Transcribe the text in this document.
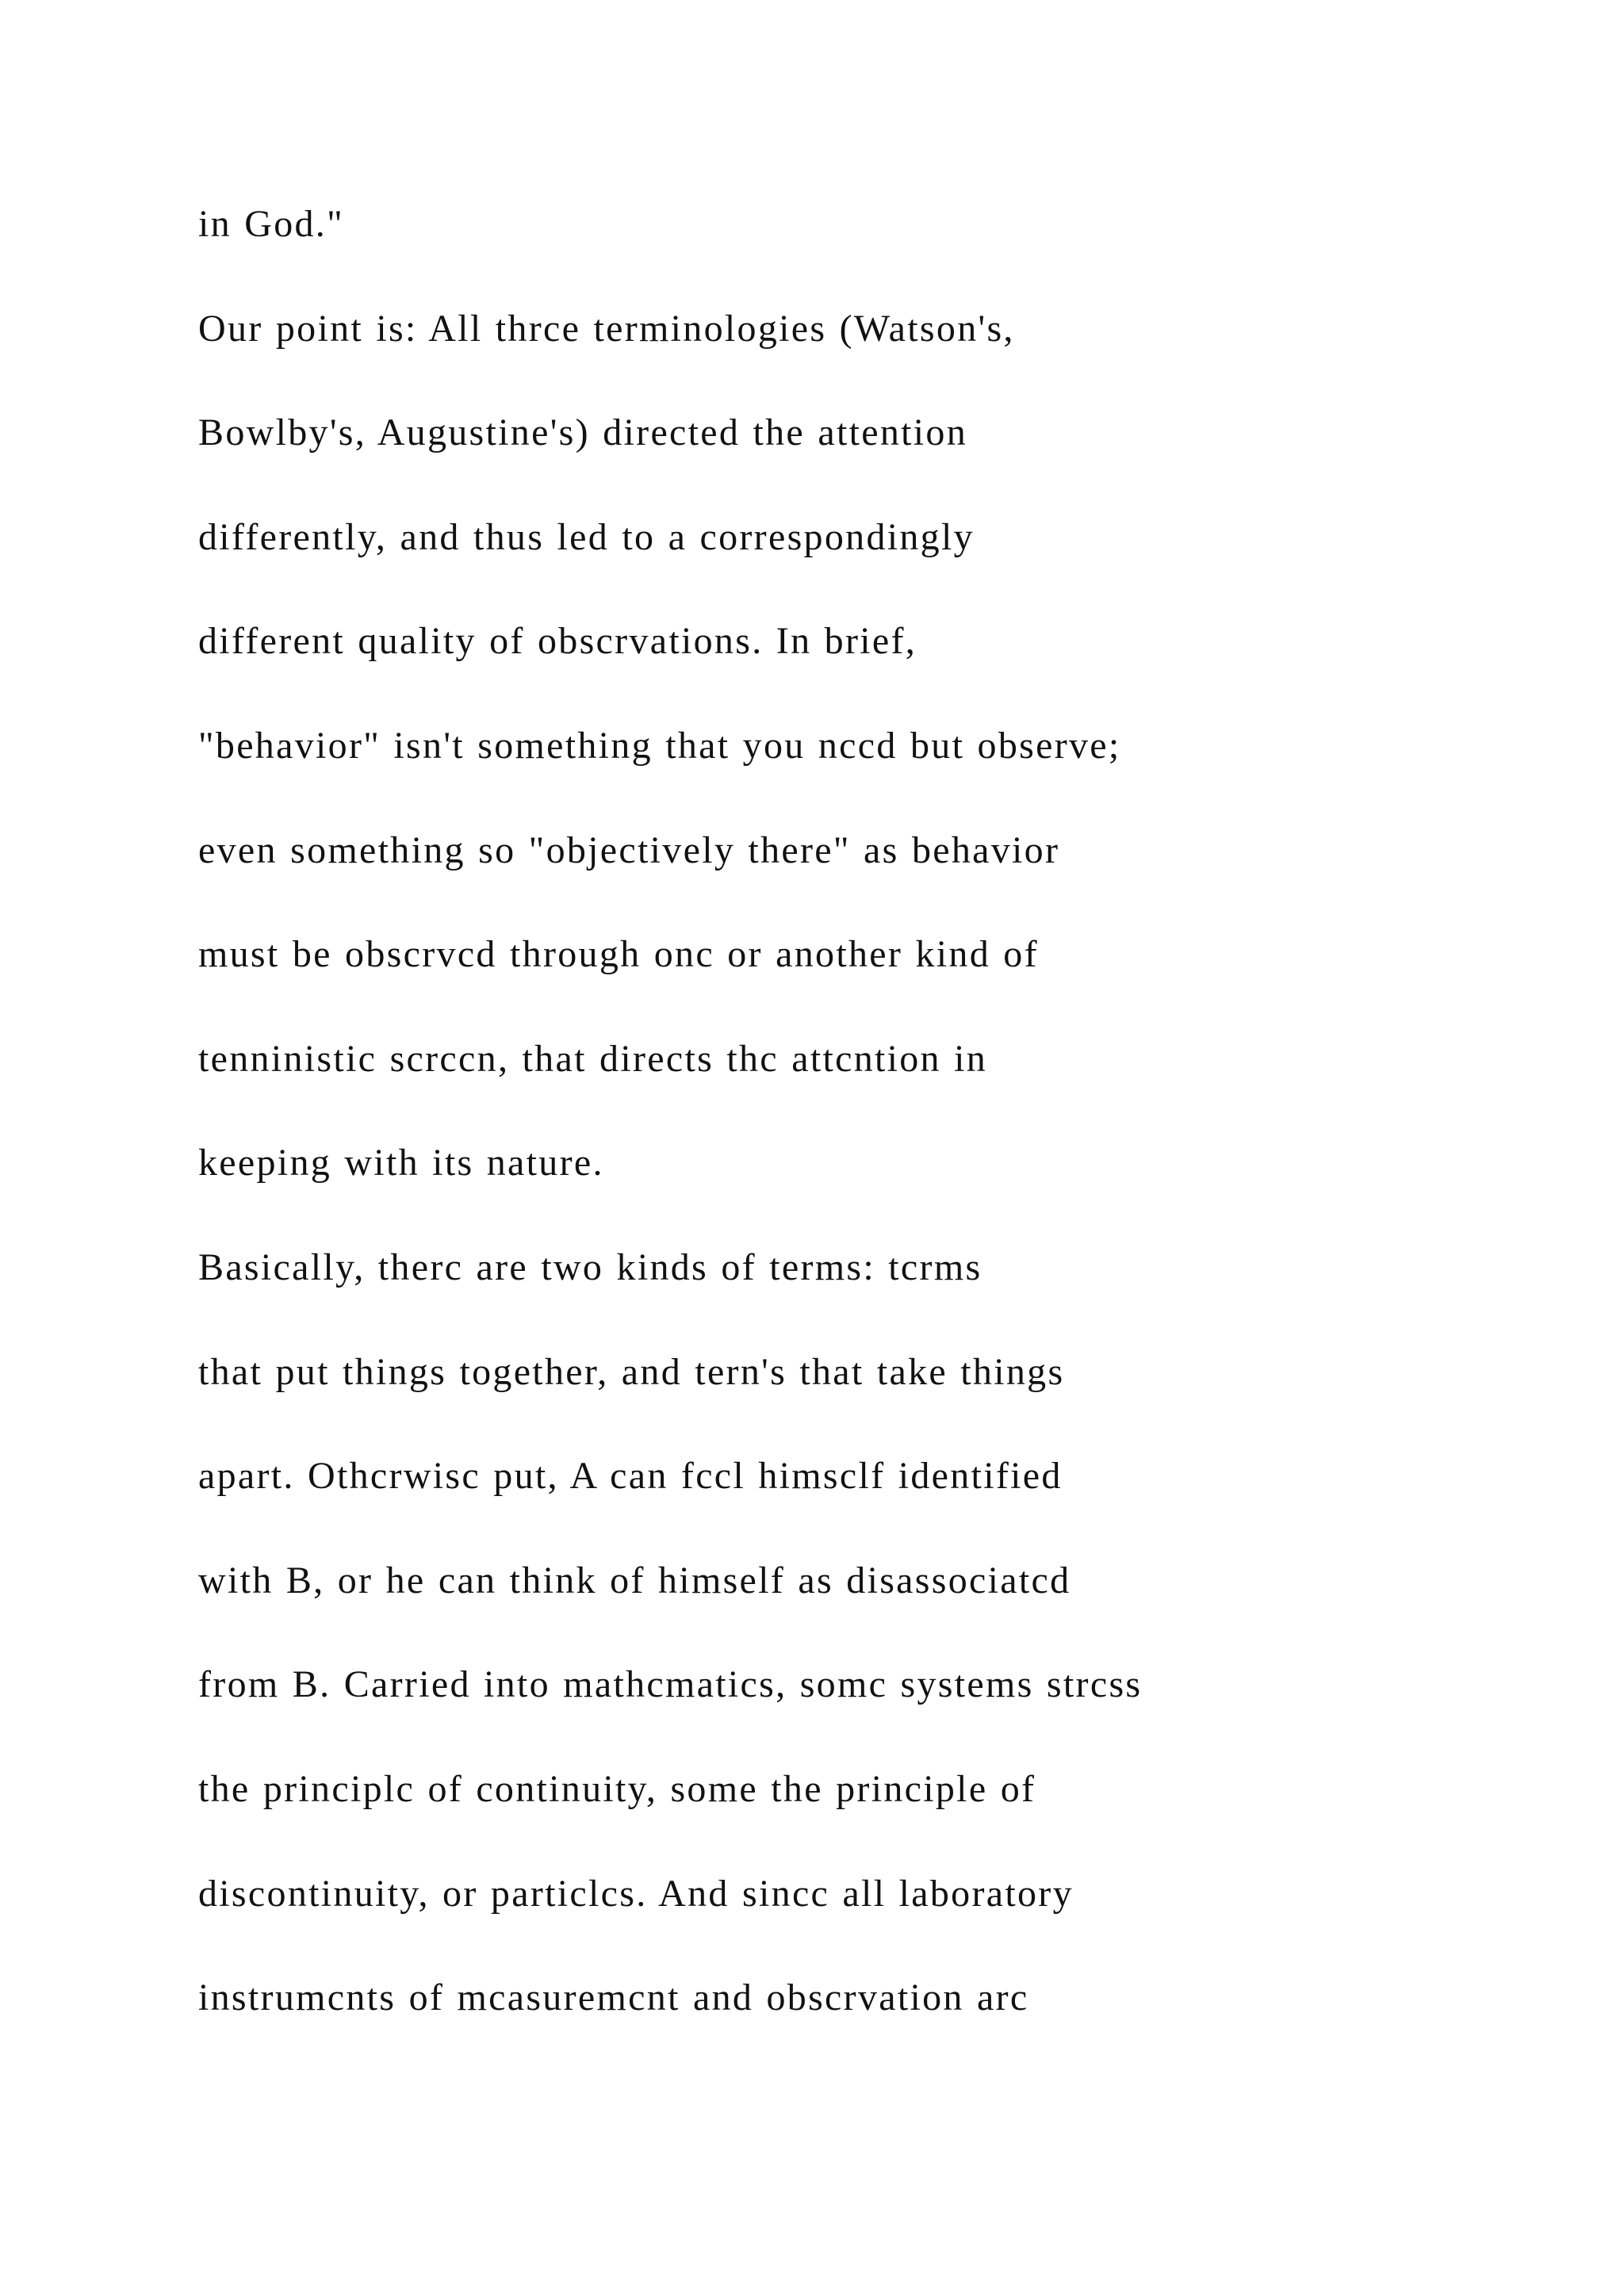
in God."
Our point is: All thrce terminologies (Watson's,
Bowlby's, Augustine's) directed the attention
differently, and thus led to a correspondingly
different quality of obscrvations. In brief,
"behavior" isn't something that you nccd but observe;
even something so "objectively there" as behavior
must be obscrvcd through onc or another kind of
tenninistic scrccn, that directs thc attcntion in
keeping with its nature.
Basically, therc are two kinds of terms: tcrms
that put things together, and tern's that take things
apart. Othcrwisc put, A can fccl himsclf identified
with B, or he can think of himself as disassociatcd
from B. Carried into mathcmatics, somc systems strcss
the principlc of continuity, some the principle of
discontinuity, or particlcs. And sincc all laboratory
instrumcnts of mcasuremcnt and obscrvation arc
